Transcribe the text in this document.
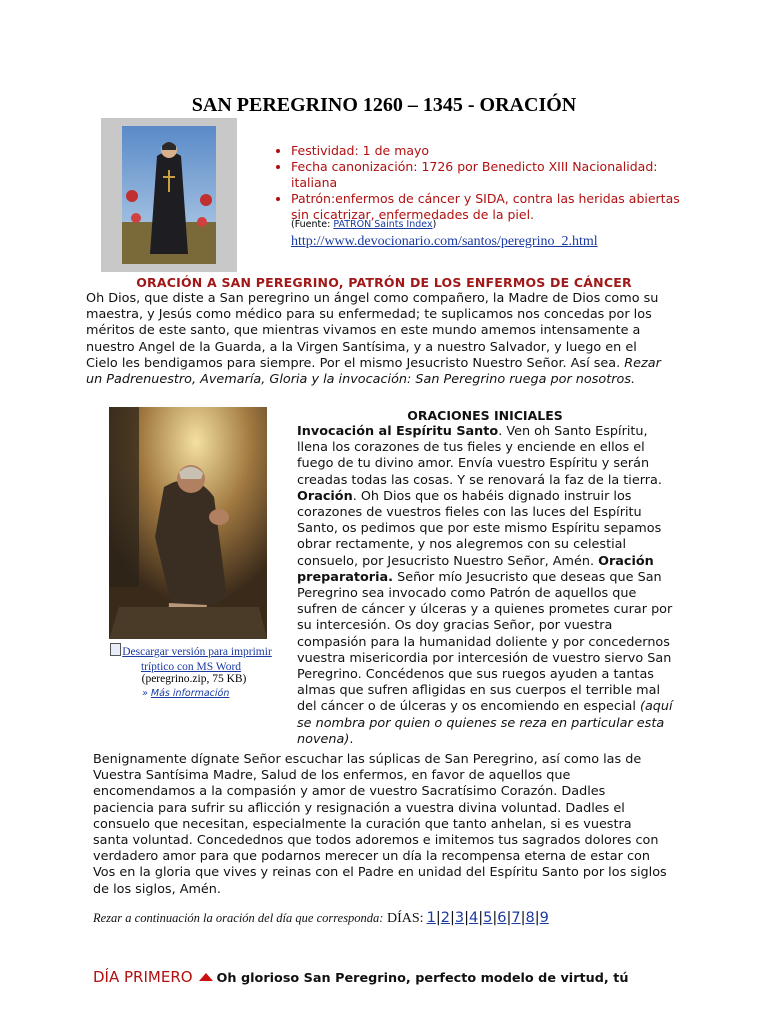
SAN PEREGRINO 1260 – 1345 - ORACIÓN
• Festividad: 1 de mayo
• Fecha canonización: 1726 por Benedicto XIII Nacionalidad: italiana
• Patrón:enfermos de cáncer y SIDA, contra las heridas abiertas sin cicatrizar, enfermedades de la piel.
(Fuente: PATRÓN Saints Index)
http://www.devocionario.com/santos/peregrino_2.html
ORACIÓN A SAN PEREGRINO, PATRÓN DE LOS ENFERMOS DE CÁNCER
Oh Dios, que diste a San peregrino un ángel como compañero, la Madre de Dios como su maestra, y Jesús como médico para su enfermedad; te suplicamos nos concedas por los méritos de este santo, que mientras vivamos en este mundo amemos intensamente a nuestro Angel de la Guarda, a la Virgen Santísima, y a nuestro Salvador, y luego en el Cielo les bendigamos para siempre. Por el mismo Jesucristo Nuestro Señor. Así sea. Rezar un Padrenuestro, Avemaría, Gloria y la invocación: San Peregrino ruega por nosotros.
Descargar versión para imprimir tríptico con MS Word
(peregrino.zip, 75 KB)
» Más información
ORACIONES INICIALES
Invocación al Espíritu Santo. Ven oh Santo Espíritu, llena los corazones de tus fieles y enciende en ellos el fuego de tu divino amor. Envía vuestro Espíritu y serán creadas todas las cosas. Y se renovará la faz de la tierra. Oración. Oh Dios que os habéis dignado instruir los corazones de vuestros fieles con las luces del Espíritu Santo, os pedimos que por este mismo Espíritu sepamos obrar rectamente, y nos alegremos con su celestial consuelo, por Jesucristo Nuestro Señor, Amén. Oración preparatoria. Señor mío Jesucristo que deseas que San Peregrino sea invocado como Patrón de aquellos que sufren de cáncer y úlceras y a quienes prometes curar por su intercesión. Os doy gracias Señor, por vuestra compasión para la humanidad doliente y por concedernos vuestra misericordia por intercesión de vuestro siervo San Peregrino. Concédenos que sus ruegos ayuden a tantas almas que sufren afligidas en sus cuerpos el terrible mal del cáncer o de úlceras y os encomiendo en especial (aquí se nombra por quien o quienes se reza en particular esta novena).
Benignamente dígnate Señor escuchar las súplicas de San Peregrino, así como las de Vuestra Santísima Madre, Salud de los enfermos, en favor de aquellos que encomendamos a la compasión y amor de vuestro Sacratísimo Corazón. Dadles paciencia para sufrir su aflicción y resignación a vuestra divina voluntad. Dadles el consuelo que necesitan, especialmente la curación que tanto anhelan, si es vuestra santa voluntad. Concedednos que todos adoremos e imitemos tus sagrados dolores con verdadero amor para que podarnos merecer un día la recompensa eterna de estar con Vos en la gloria que vives y reinas con el Padre en unidad del Espíritu Santo por los siglos de los siglos, Amén.
Rezar a continuación la oración del día que corresponda: DÍAS: 1|2|3|4|5|6|7|8|9
DÍA PRIMERO Oh glorioso San Peregrino, perfecto modelo de virtud, tú
